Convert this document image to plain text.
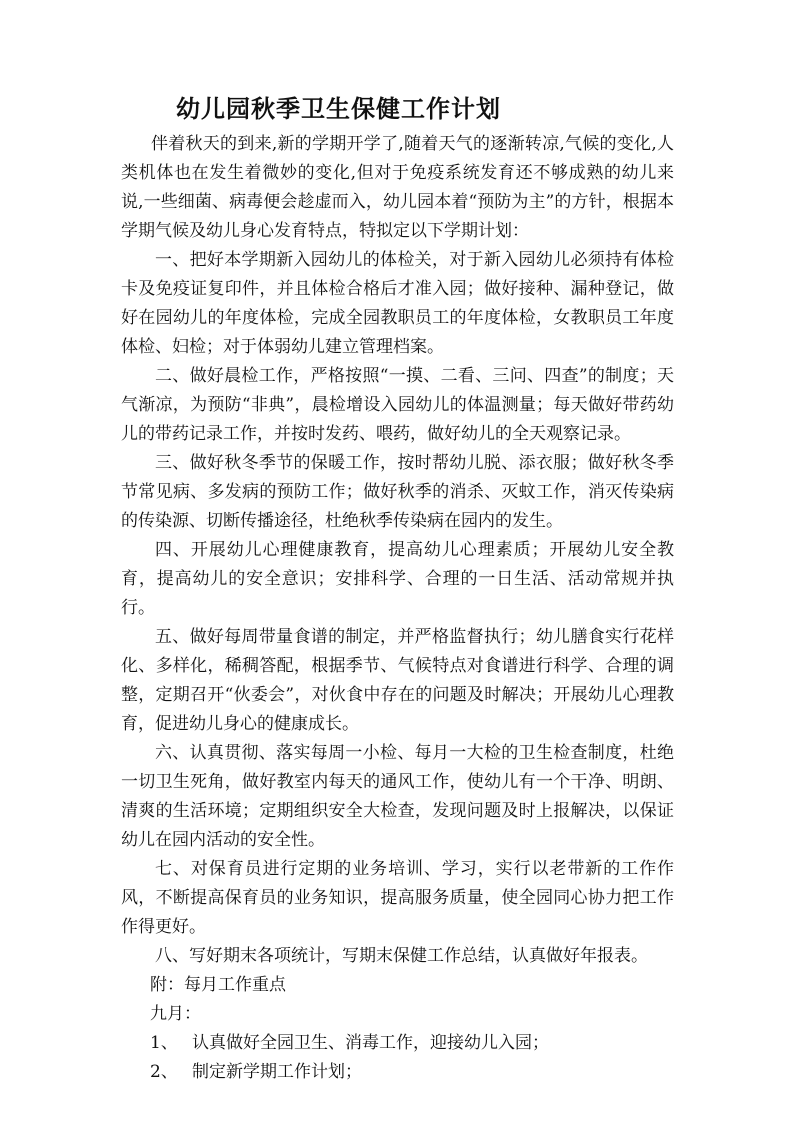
幼儿园秋季卫生保健工作计划

伴着秋天的到来,新的学期开学了,随着天气的逐渐转凉,气候的变化,人类机体也在发生着微妙的变化,但对于免疫系统发育还不够成熟的幼儿来说,一些细菌、病毒便会趁虚而入，幼儿园本着“预防为主”的方针，根据本学期气候及幼儿身心发育特点，特拟定以下学期计划：

一、把好本学期新入园幼儿的体检关，对于新入园幼儿必须持有体检卡及免疫证复印件，并且体检合格后才准入园；做好接种、漏种登记，做好在园幼儿的年度体检，完成全园教职员工的年度体检，女教职员工年度体检、妇检；对于体弱幼儿建立管理档案。

二、做好晨检工作，严格按照“一摸、二看、三问、四查”的制度；天气渐凉，为预防“非典”，晨检增设入园幼儿的体温测量；每天做好带药幼儿的带药记录工作，并按时发药、喂药，做好幼儿的全天观察记录。

三、做好秋冬季节的保暖工作，按时帮幼儿脱、添衣服；做好秋冬季节常见病、多发病的预防工作；做好秋季的消杀、灭蚊工作，消灭传染病的传染源、切断传播途径，杜绝秋季传染病在园内的发生。

四、开展幼儿心理健康教育，提高幼儿心理素质；开展幼儿安全教育，提高幼儿的安全意识；安排科学、合理的一日生活、活动常规并执行。

五、做好每周带量食谱的制定，并严格监督执行；幼儿膳食实行花样化、多样化，稀稠答配，根据季节、气候特点对食谱进行科学、合理的调整，定期召开“伙委会”，对伙食中存在的问题及时解决；开展幼儿心理教育，促进幼儿身心的健康成长。

六、认真贯彻、落实每周一小检、每月一大检的卫生检查制度，杜绝一切卫生死角，做好教室内每天的通风工作，使幼儿有一个干净、明朗、清爽的生活环境；定期组织安全大检查，发现问题及时上报解决，以保证幼儿在园内活动的安全性。

七、对保育员进行定期的业务培训、学习，实行以老带新的工作作风，不断提高保育员的业务知识，提高服务质量，使全园同心协力把工作作得更好。

八、写好期末各项统计，写期末保健工作总结，认真做好年报表。

附：每月工作重点

九月：

1、 认真做好全园卫生、消毒工作，迎接幼儿入园；

2、 制定新学期工作计划；
